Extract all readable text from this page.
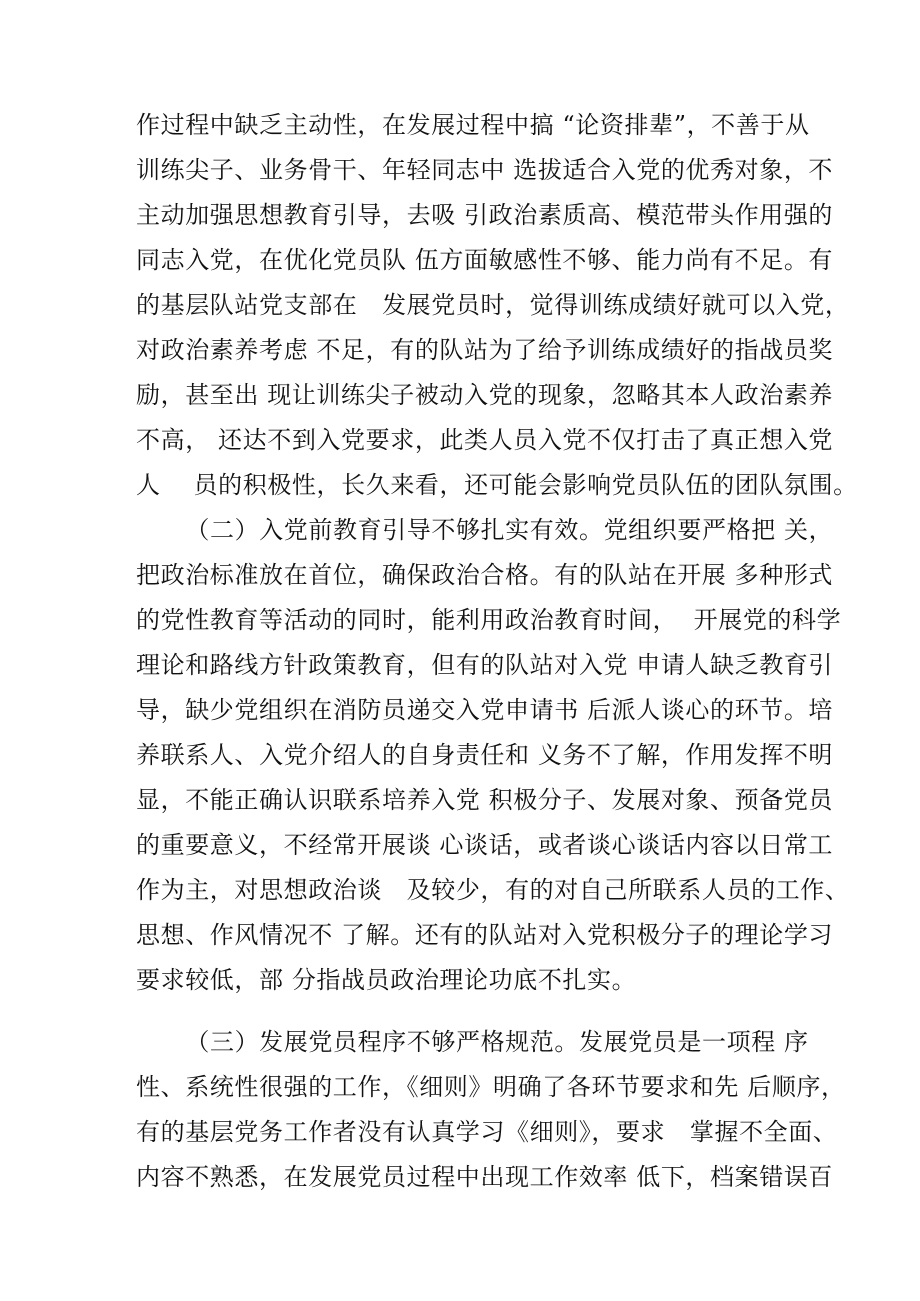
作过程中缺乏主动性，在发展过程中搞 “论资排辈”，不善于从
训练尖子、业务骨干、年轻同志中 选拔适合入党的优秀对象，不
主动加强思想教育引导，去吸 引政治素质高、模范带头作用强的
同志入党，在优化党员队 伍方面敏感性不够、能力尚有不足。有
的基层队站党支部在   发展党员时，觉得训练成绩好就可以入党，
对政治素养考虑 不足，有的队站为了给予训练成绩好的指战员奖
励，甚至出 现让训练尖子被动入党的现象，忽略其本人政治素养
不高， 还达不到入党要求，此类人员入党不仅打击了真正想入党
人    员的积极性，长久来看，还可能会影响党员队伍的团队氛围。
（二）入党前教育引导不够扎实有效。党组织要严格把 关，
把政治标准放在首位，确保政治合格。有的队站在开展 多种形式
的党性教育等活动的同时，能利用政治教育时间，  开展党的科学
理论和路线方针政策教育，但有的队站对入党 申请人缺乏教育引
导，缺少党组织在消防员递交入党申请书 后派人谈心的环节。培
养联系人、入党介绍人的自身责任和 义务不了解，作用发挥不明
显，不能正确认识联系培养入党 积极分子、发展对象、预备党员
的重要意义，不经常开展谈 心谈话，或者谈心谈话内容以日常工
作为主，对思想政治谈   及较少，有的对自己所联系人员的工作、
思想、作风情况不 了解。还有的队站对入党积极分子的理论学习
要求较低，部 分指战员政治理论功底不扎实。
（三）发展党员程序不够严格规范。发展党员是一项程 序
性、系统性很强的工作，《细则》明确了各环节要求和先 后顺序，
有的基层党务工作者没有认真学习《细则》，要求   掌握不全面、
内容不熟悉，在发展党员过程中出现工作效率 低下，档案错误百
